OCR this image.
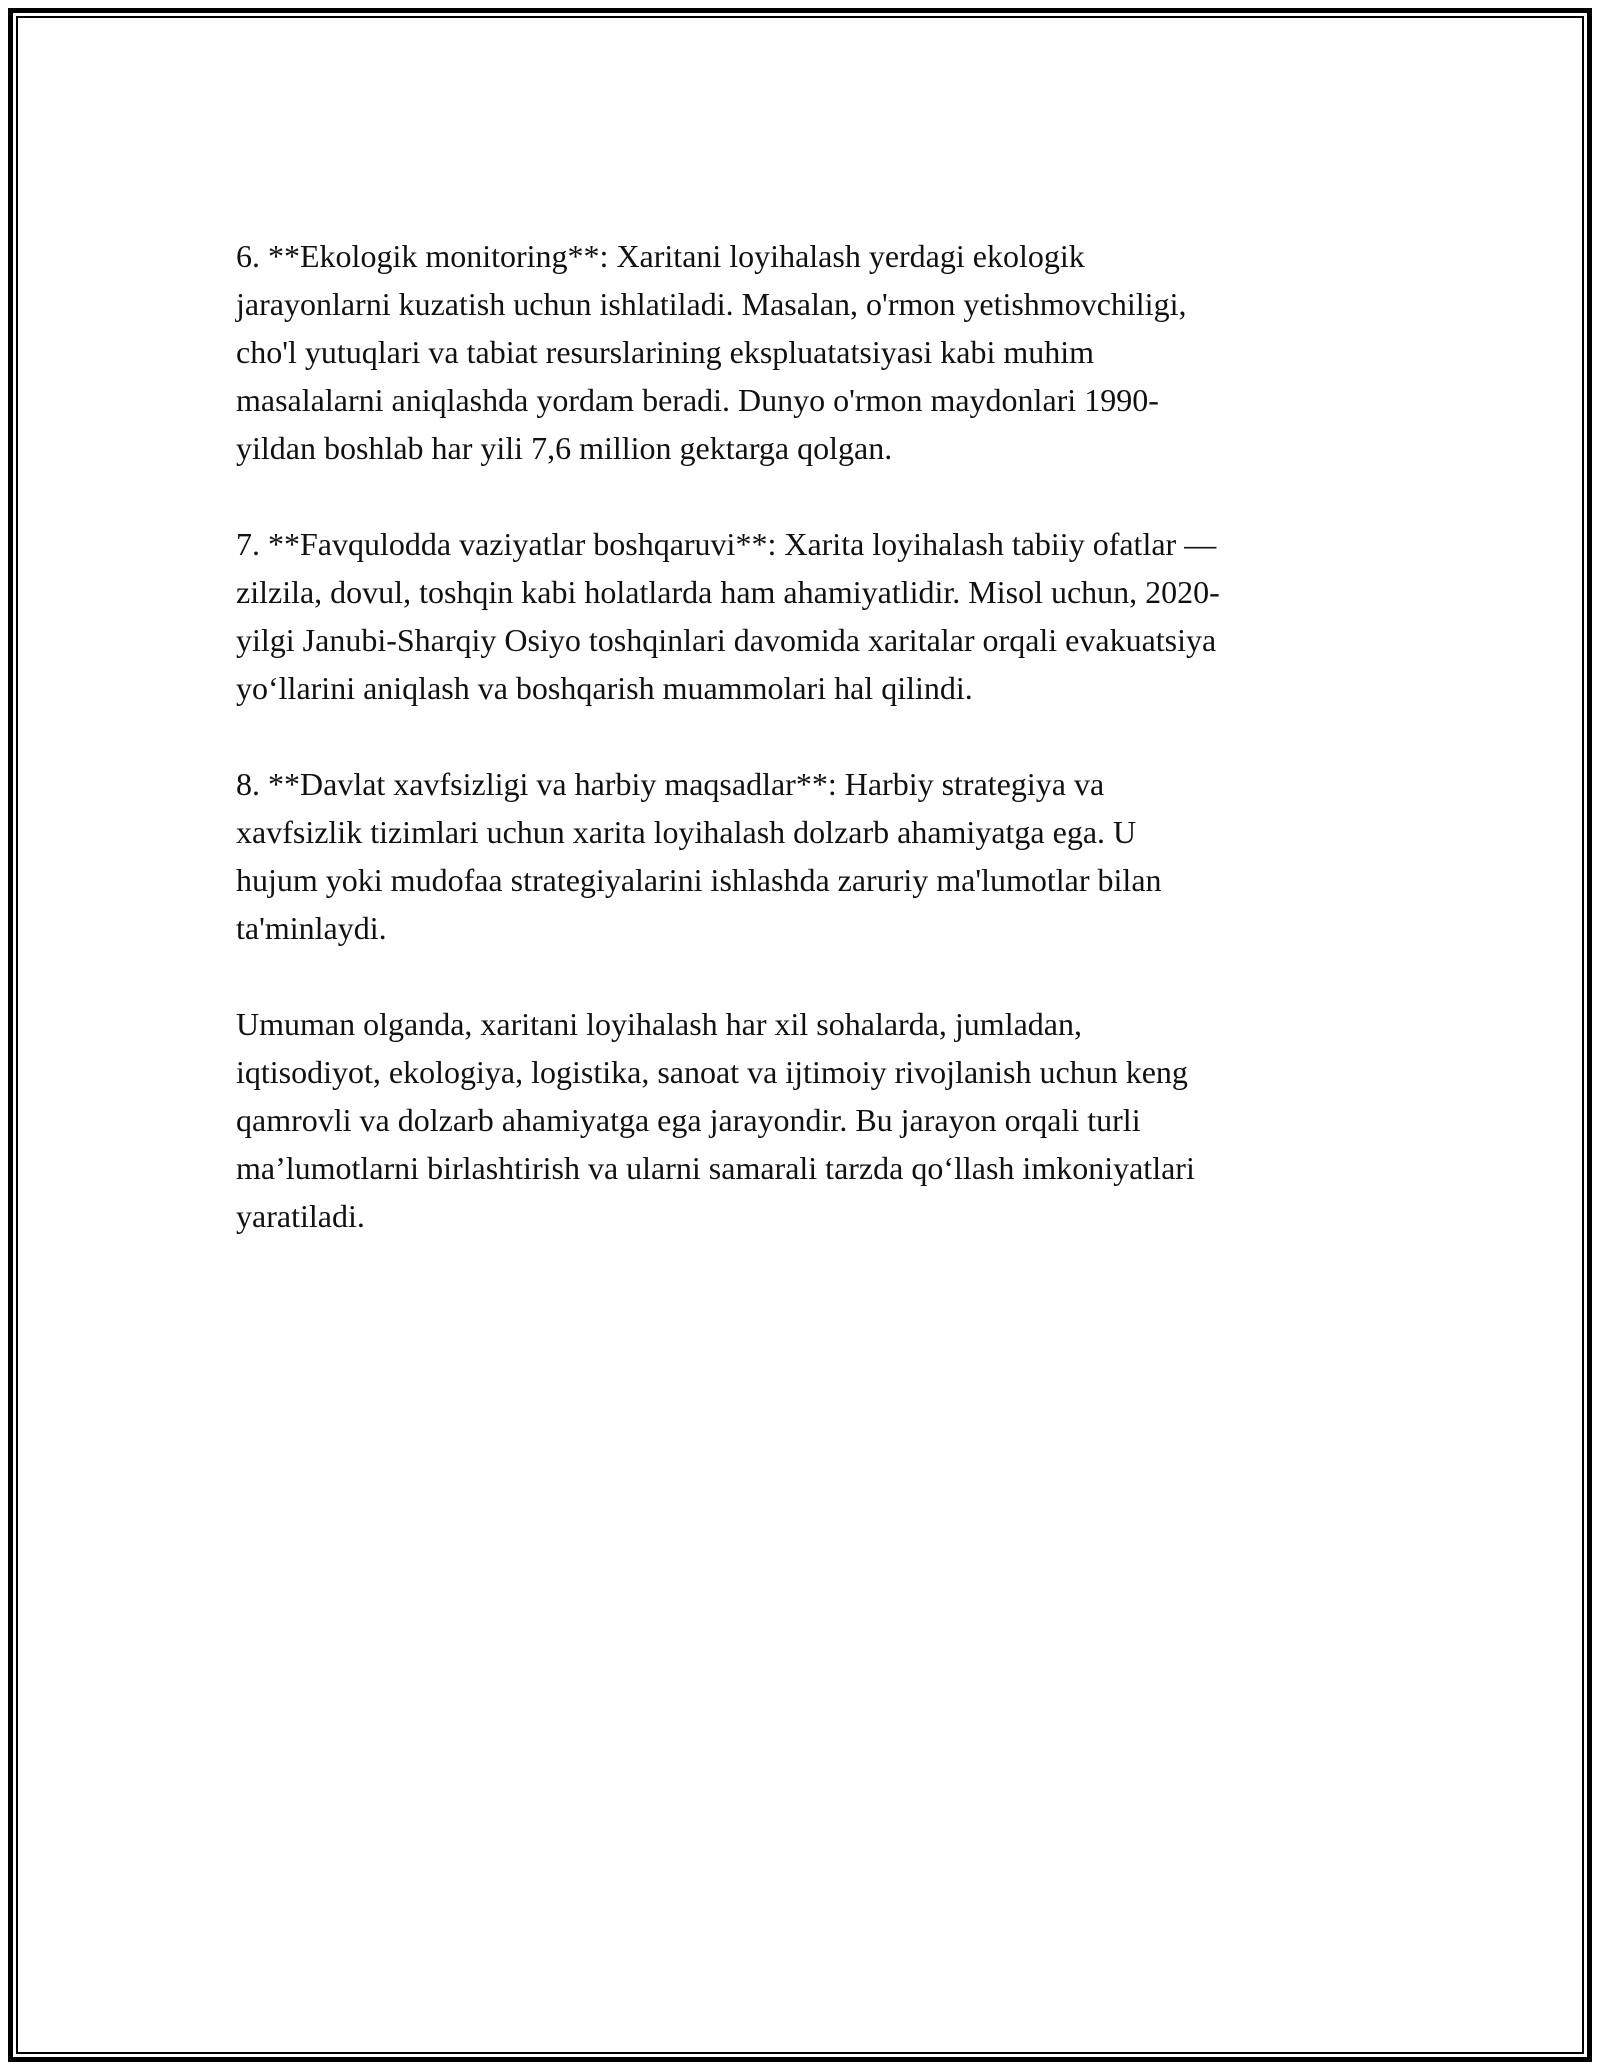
6. **Ekologik monitoring**: Xaritani loyihalash yerdagi ekologik
jarayonlarni kuzatish uchun ishlatiladi. Masalan, o'rmon yetishmovchiligi,
cho'l yutuqlari va tabiat resurslarining ekspluatatsiyasi kabi muhim
masalalarni aniqlashda yordam beradi. Dunyo o'rmon maydonlari 1990-
yildan boshlab har yili 7,6 million gektarga qolgan.

7. **Favqulodda vaziyatlar boshqaruvi**: Xarita loyihalash tabiiy ofatlar —
zilzila, dovul, toshqin kabi holatlarda ham ahamiyatlidir. Misol uchun, 2020-
yilgi Janubi-Sharqiy Osiyo toshqinlari davomida xaritalar orqali evakuatsiya
yo‘llarini aniqlash va boshqarish muammolari hal qilindi.

8. **Davlat xavfsizligi va harbiy maqsadlar**: Harbiy strategiya va
xavfsizlik tizimlari uchun xarita loyihalash dolzarb ahamiyatga ega. U
hujum yoki mudofaa strategiyalarini ishlashda zaruriy ma'lumotlar bilan
ta'minlaydi.

Umuman olganda, xaritani loyihalash har xil sohalarda, jumladan,
iqtisodiyot, ekologiya, logistika, sanoat va ijtimoiy rivojlanish uchun keng
qamrovli va dolzarb ahamiyatga ega jarayondir. Bu jarayon orqali turli
ma’lumotlarni birlashtirish va ularni samarali tarzda qo‘llash imkoniyatlari
yaratiladi.
